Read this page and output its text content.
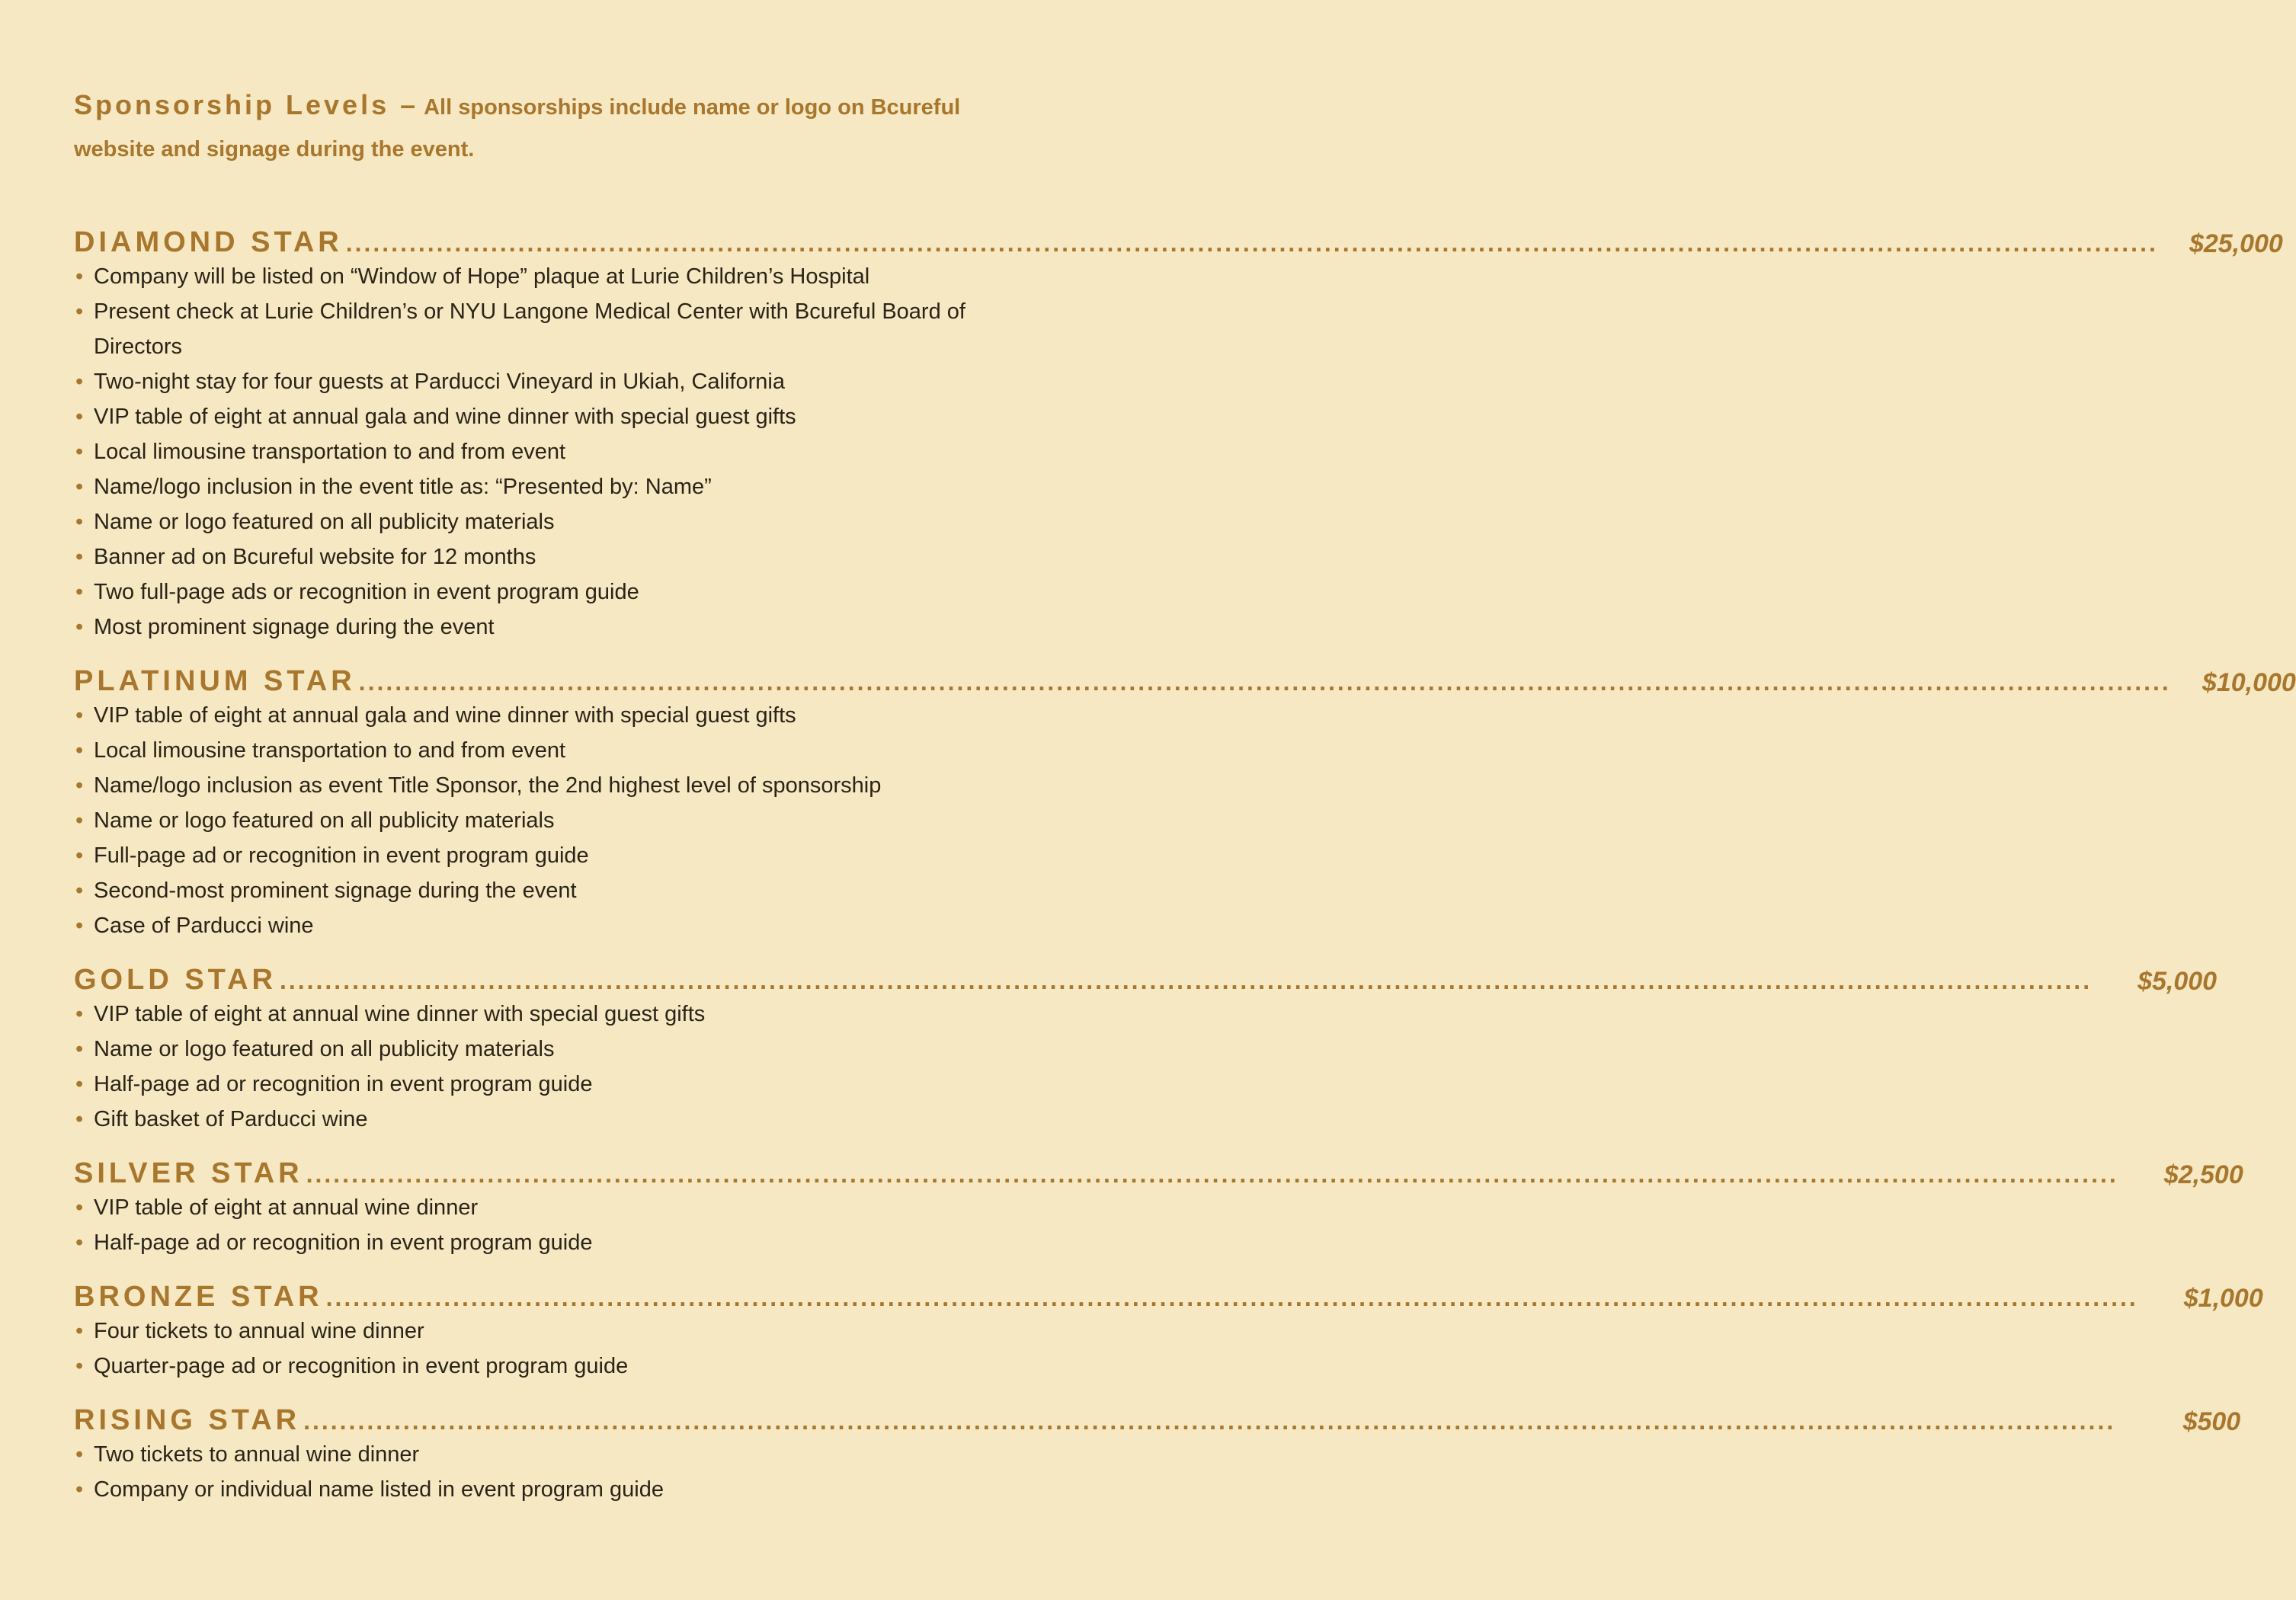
Sponsorship Levels – All sponsorships include name or logo on Bcureful website and signage during the event.

DIAMOND STAR ........................................................................................................................................................................................................	$25,000
• Company will be listed on “Window of Hope” plaque at Lurie Children’s Hospital
• Present check at Lurie Children’s or NYU Langone Medical Center with Bcureful Board of Directors
• Two-night stay for four guests at Parducci Vineyard in Ukiah, California
• VIP table of eight at annual gala and wine dinner with special guest gifts
• Local limousine transportation to and from event
• Name/logo inclusion in the event title as: “Presented by: Name”
• Name or logo featured on all publicity materials
• Banner ad on Bcureful website for 12 months
• Two full-page ads or recognition in event program guide
• Most prominent signage during the event
PLATINUM STAR ........................................................................................................................................................................................................	$10,000
• VIP table of eight at annual gala and wine dinner with special guest gifts
• Local limousine transportation to and from event
• Name/logo inclusion as event Title Sponsor, the 2nd highest level of sponsorship
• Name or logo featured on all publicity materials
• Full-page ad or recognition in event program guide
• Second-most prominent signage during the event
• Case of Parducci wine
GOLD STAR ........................................................................................................................................................................................................	$5,000
• VIP table of eight at annual wine dinner with special guest gifts
• Name or logo featured on all publicity materials
• Half-page ad or recognition in event program guide
• Gift basket of Parducci wine
SILVER STAR ........................................................................................................................................................................................................	$2,500
• VIP table of eight at annual wine dinner
• Half-page ad or recognition in event program guide
BRONZE STAR ........................................................................................................................................................................................................	$1,000
• Four tickets to annual wine dinner
• Quarter-page ad or recognition in event program guide
RISING STAR ........................................................................................................................................................................................................	$500
• Two tickets to annual wine dinner
• Company or individual name listed in event program guide
